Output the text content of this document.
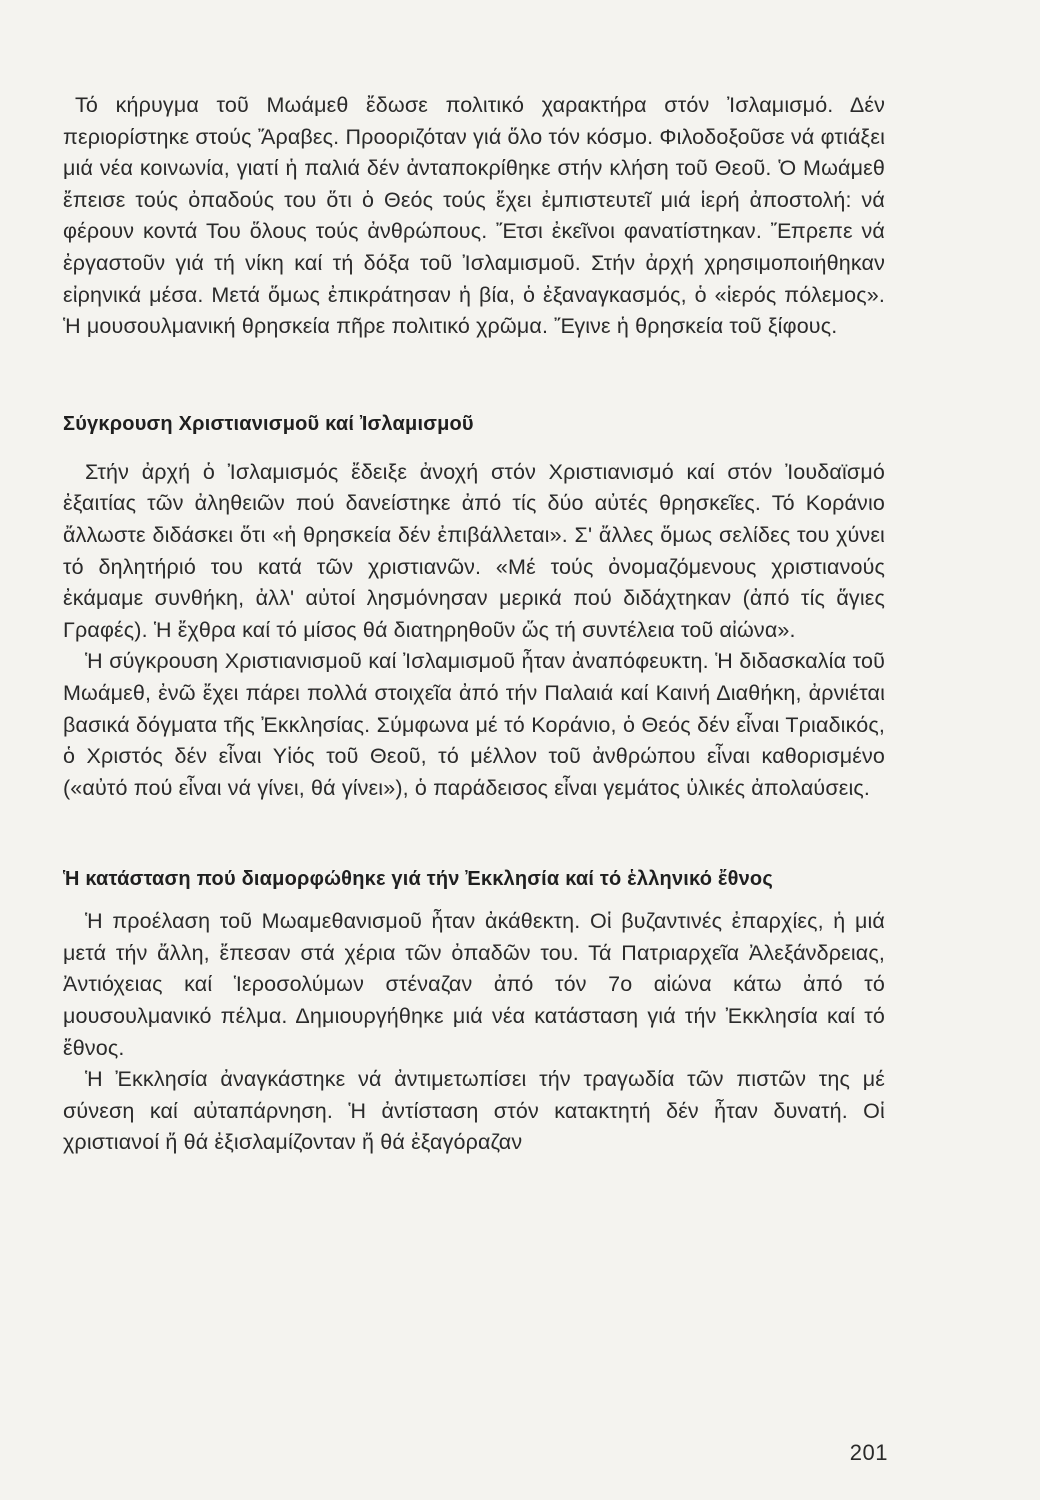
Τό κήρυγμα τοῦ Μωάμεθ ἔδωσε πολιτικό χαρακτήρα στόν Ἰσλαμισμό. Δέν περιορίστηκε στούς Ἄραβες. Προοριζόταν γιά ὅλο τόν κόσμο. Φιλοδοξοῦσε νά φτιάξει μιά νέα κοινωνία, γιατί ἡ παλιά δέν ἀνταποκρίθηκε στήν κλήση τοῦ Θεοῦ. Ὁ Μωάμεθ ἔπεισε τούς ὀπαδούς του ὅτι ὁ Θεός τούς ἔχει ἐμπιστευτεῖ μιά ἱερή ἀποστολή: νά φέρουν κοντά Του ὅλους τούς ἀνθρώπους. Ἔτσι ἐκεῖνοι φανατίστηκαν. Ἔπρεπε νά ἐργαστοῦν γιά τή νίκη καί τή δόξα τοῦ Ἰσλαμισμοῦ. Στήν ἀρχή χρησιμοποιήθηκαν εἰρηνικά μέσα. Μετά ὅμως ἐπικράτησαν ἡ βία, ὁ ἐξαναγκασμός, ὁ «ἱερός πόλεμος». Ἡ μουσουλμανική θρησκεία πῆρε πολιτικό χρῶμα. Ἔγινε ἡ θρησκεία τοῦ ξίφους.

Σύγκρουση Χριστιανισμοῦ καί Ἰσλαμισμοῦ

Στήν ἀρχή ὁ Ἰσλαμισμός ἔδειξε ἀνοχή στόν Χριστιανισμό καί στόν Ἰουδαϊσμό ἐξαιτίας τῶν ἀληθειῶν πού δανείστηκε ἀπό τίς δύο αὐτές θρησκεῖες. Τό Κοράνιο ἄλλωστε διδάσκει ὅτι «ἡ θρησκεία δέν ἐπιβάλλεται». Σ' ἄλλες ὅμως σελίδες του χύνει τό δηλητήριό του κατά τῶν χριστιανῶν. «Μέ τούς ὀνομαζόμενους χριστιανούς ἐκάμαμε συνθήκη, ἀλλ' αὐτοί λησμόνησαν μερικά πού διδάχτηκαν (ἀπό τίς ἅγιες Γραφές). Ἡ ἔχθρα καί τό μίσος θά διατηρηθοῦν ὥς τή συντέλεια τοῦ αἰώνα».

Ἡ σύγκρουση Χριστιανισμοῦ καί Ἰσλαμισμοῦ ἦταν ἀναπόφευκτη. Ἡ διδασκαλία τοῦ Μωάμεθ, ἐνῶ ἔχει πάρει πολλά στοιχεῖα ἀπό τήν Παλαιά καί Καινή Διαθήκη, ἀρνιέται βασικά δόγματα τῆς Ἐκκλησίας. Σύμφωνα μέ τό Κοράνιο, ὁ Θεός δέν εἶναι Τριαδικός, ὁ Χριστός δέν εἶναι Υἱός τοῦ Θεοῦ, τό μέλλον τοῦ ἀνθρώπου εἶναι καθορισμένο («αὐτό πού εἶναι νά γίνει, θά γίνει»), ὁ παράδεισος εἶναι γεμάτος ὑλικές ἀπολαύσεις.

Ἡ κατάσταση πού διαμορφώθηκε γιά τήν Ἐκκλησία καί τό ἑλληνικό ἔθνος

Ἡ προέλαση τοῦ Μωαμεθανισμοῦ ἦταν ἀκάθεκτη. Οἱ βυζαντινές ἐπαρχίες, ἡ μιά μετά τήν ἄλλη, ἔπεσαν στά χέρια τῶν ὀπαδῶν του. Τά Πατριαρχεῖα Ἀλεξάνδρειας, Ἀντιόχειας καί Ἱεροσολύμων στέναζαν ἀπό τόν 7ο αἰώνα κάτω ἀπό τό μουσουλμανικό πέλμα. Δημιουργήθηκε μιά νέα κατάσταση γιά τήν Ἐκκλησία καί τό ἔθνος.

Ἡ Ἐκκλησία ἀναγκάστηκε νά ἀντιμετωπίσει τήν τραγωδία τῶν πιστῶν της μέ σύνεση καί αὐταπάρνηση. Ἡ ἀντίσταση στόν κατακτητή δέν ἦταν δυνατή. Οἱ χριστιανοί ἤ θά ἐξισλαμίζονταν ἤ θά ἐξαγόραζαν

201
